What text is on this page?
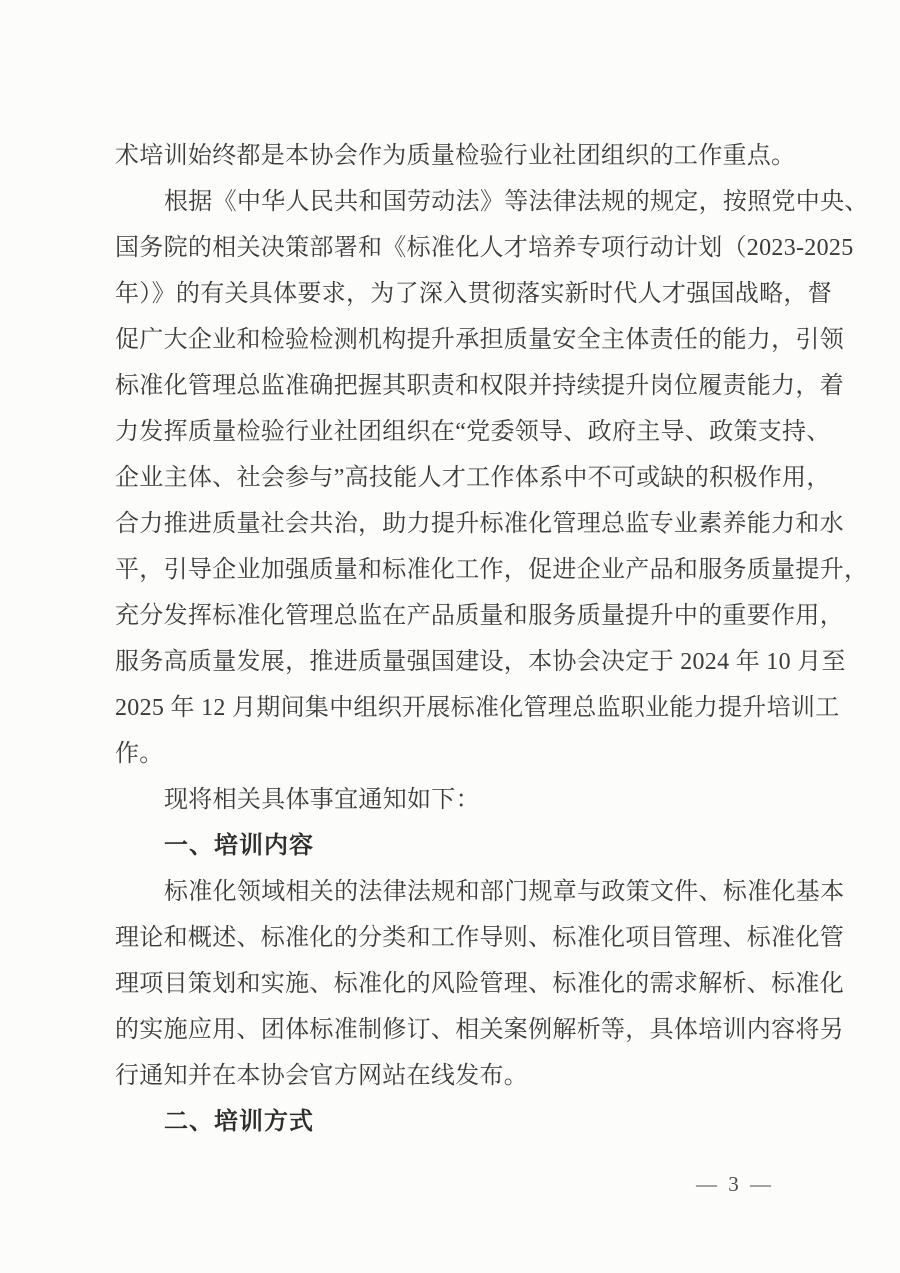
术培训始终都是本协会作为质量检验行业社团组织的工作重点。
根据《中华人民共和国劳动法》等法律法规的规定，按照党中央、
国务院的相关决策部署和《标准化人才培养专项行动计划（2023-2025
年）》的有关具体要求，为了深入贯彻落实新时代人才强国战略，督
促广大企业和检验检测机构提升承担质量安全主体责任的能力，引领
标准化管理总监准确把握其职责和权限并持续提升岗位履责能力，着
力发挥质量检验行业社团组织在“党委领导、政府主导、政策支持、
企业主体、社会参与”高技能人才工作体系中不可或缺的积极作用，
合力推进质量社会共治，助力提升标准化管理总监专业素养能力和水
平，引导企业加强质量和标准化工作，促进企业产品和服务质量提升，
充分发挥标准化管理总监在产品质量和服务质量提升中的重要作用，
服务高质量发展，推进质量强国建设，本协会决定于 2024 年 10 月至
2025 年 12 月期间集中组织开展标准化管理总监职业能力提升培训工
作。
现将相关具体事宜通知如下：
一、培训内容
标准化领域相关的法律法规和部门规章与政策文件、标准化基本
理论和概述、标准化的分类和工作导则、标准化项目管理、标准化管
理项目策划和实施、标准化的风险管理、标准化的需求解析、标准化
的实施应用、团体标准制修订、相关案例解析等，具体培训内容将另
行通知并在本协会官方网站在线发布。
二、培训方式
— 3 —
